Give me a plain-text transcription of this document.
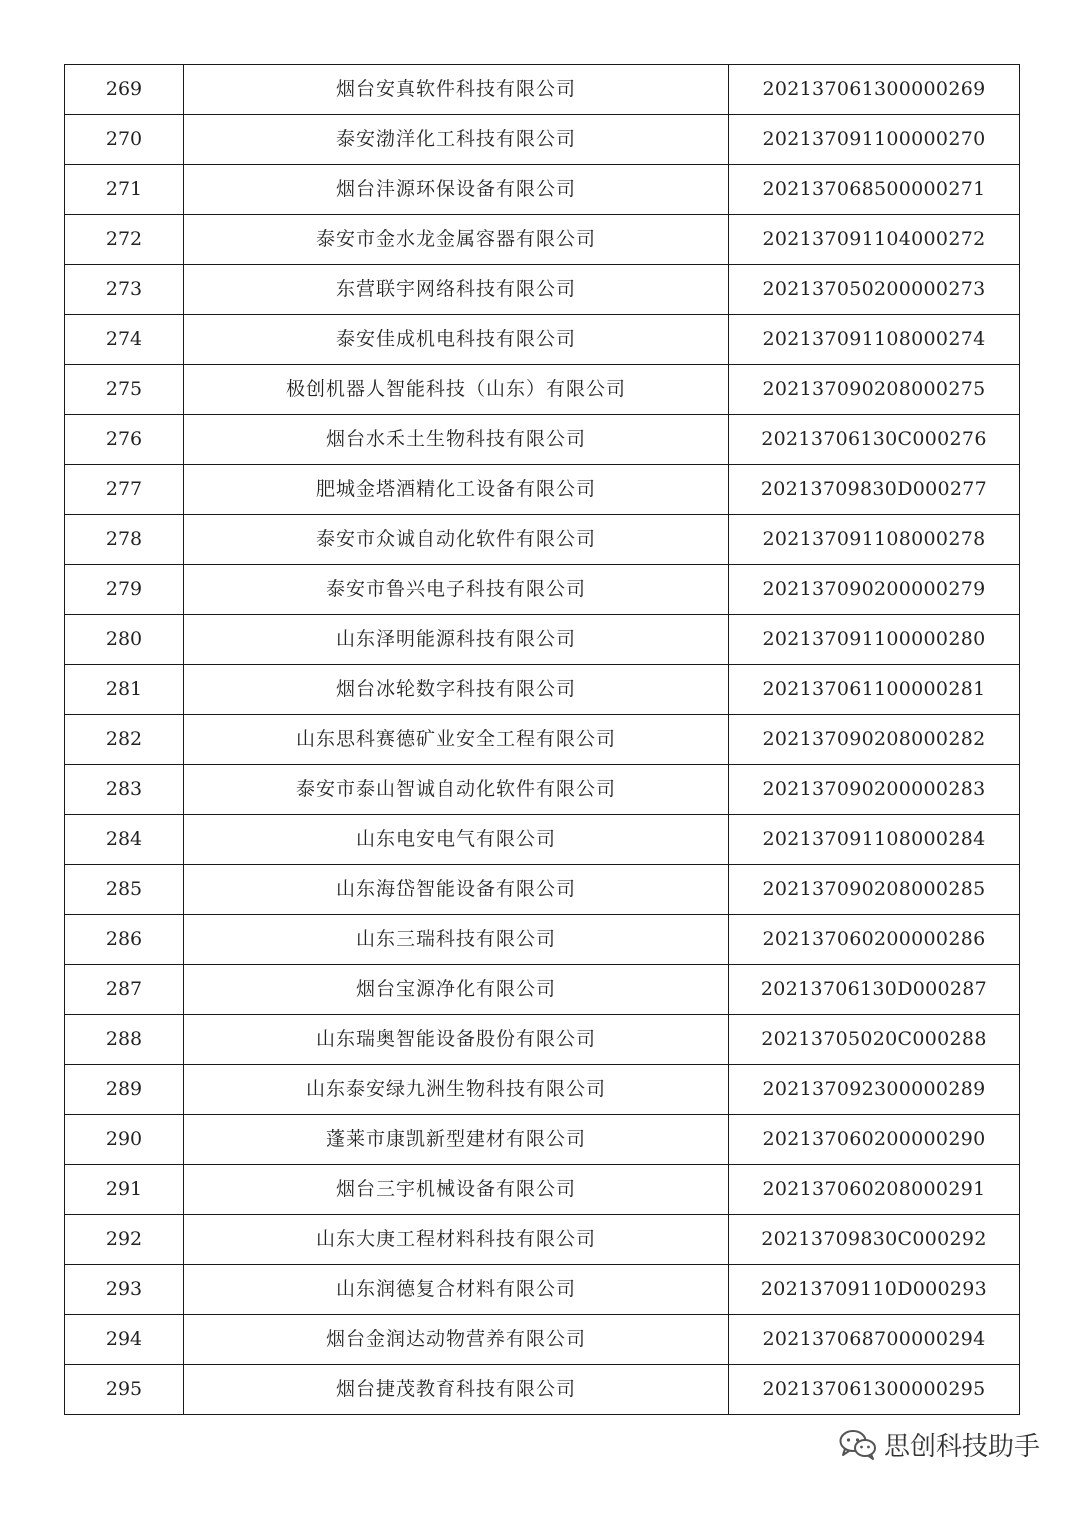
269	烟台安真软件科技有限公司	202137061300000269
270	泰安渤洋化工科技有限公司	202137091100000270
271	烟台沣源环保设备有限公司	202137068500000271
272	泰安市金水龙金属容器有限公司	202137091104000272
273	东营联宇网络科技有限公司	202137050200000273
274	泰安佳成机电科技有限公司	202137091108000274
275	极创机器人智能科技（山东）有限公司	202137090208000275
276	烟台水禾土生物科技有限公司	20213706130C000276
277	肥城金塔酒精化工设备有限公司	20213709830D000277
278	泰安市众诚自动化软件有限公司	202137091108000278
279	泰安市鲁兴电子科技有限公司	202137090200000279
280	山东泽明能源科技有限公司	202137091100000280
281	烟台冰轮数字科技有限公司	202137061100000281
282	山东思科赛德矿业安全工程有限公司	202137090208000282
283	泰安市泰山智诚自动化软件有限公司	202137090200000283
284	山东电安电气有限公司	202137091108000284
285	山东海岱智能设备有限公司	202137090208000285
286	山东三瑞科技有限公司	202137060200000286
287	烟台宝源净化有限公司	20213706130D000287
288	山东瑞奥智能设备股份有限公司	20213705020C000288
289	山东泰安绿九洲生物科技有限公司	202137092300000289
290	蓬莱市康凯新型建材有限公司	202137060200000290
291	烟台三宇机械设备有限公司	202137060208000291
292	山东大庚工程材料科技有限公司	20213709830C000292
293	山东润德复合材料有限公司	20213709110D000293
294	烟台金润达动物营养有限公司	202137068700000294
295	烟台捷茂教育科技有限公司	202137061300000295
思创科技助手
